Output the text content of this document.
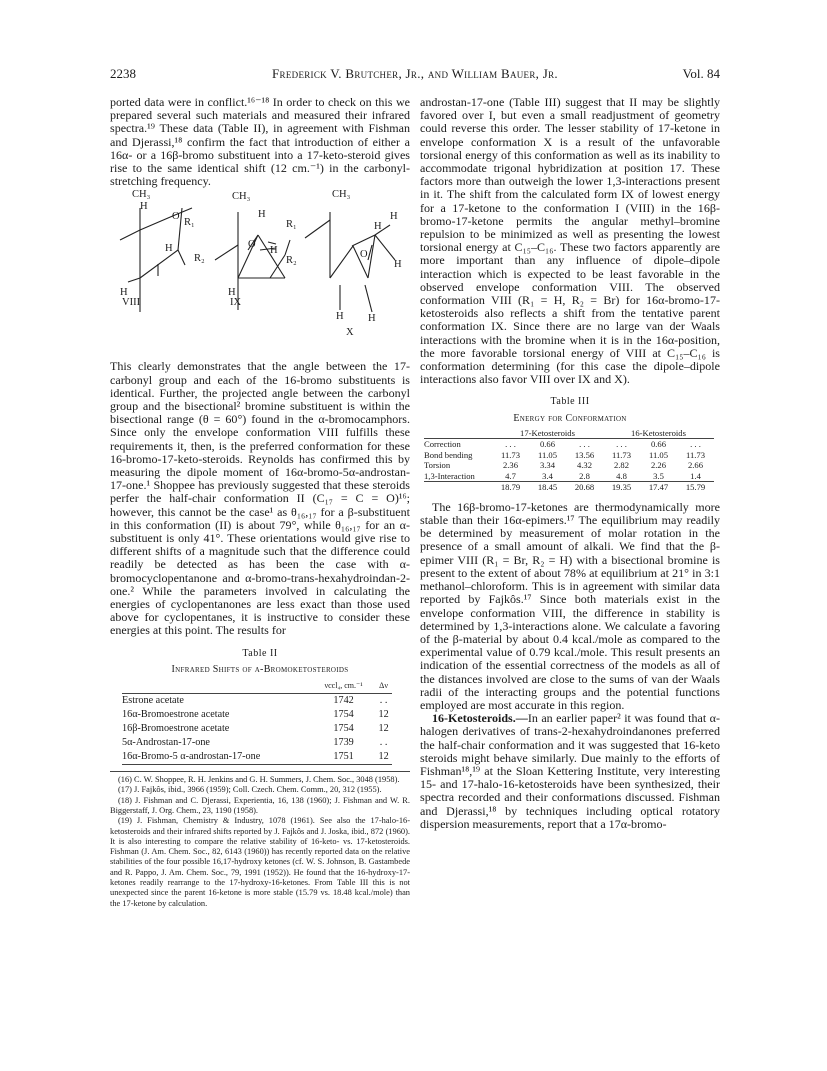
2238	Frederick V. Brutcher, Jr., and William Bauer, Jr.	Vol. 84

ported data were in conflict.¹⁶⁻¹⁸ In order to check on this we prepared several such materials and measured their infrared spectra.¹⁹ These data (Table II), in agreement with Fishman and Djerassi,¹⁸ confirm the fact that introduction of either a 16α- or a 16β-bromo substituent into a 17-keto-steroid gives rise to the same identical shift (12 cm.⁻¹) in the carbonyl-stretching frequency.

CH₃
H
O
R₁
H
R₂
H
VIII
CH₃
H
O
R₁
H
R₂
H
IX
CH₃
H
H
O
H
H H
X

This clearly demonstrates that the angle between the 17-carbonyl group and each of the 16-bromo substituents is identical. Further, the projected angle between the carbonyl group and the bisectional² bromine substituent is within the bisectional range (θ = 60°) found in the α-bromocamphors. Since only the envelope conformation VIII fulfills these requirements it, then, is the preferred conformation for these 16-bromo-17-keto-steroids. Reynolds has confirmed this by measuring the dipole moment of 16α-bromo-5α-androstan-17-one.¹ Shoppee has previously suggested that these steroids perfer the half-chair conformation II (C₁₇ = C = O)¹⁶; however, this cannot be the case¹ as θ₁₆,₁₇ for a β-substituent in this conformation (II) is about 79°, while θ₁₆,₁₇ for an α-substituent is only 41°. These orientations would give rise to different shifts of a magnitude such that the difference could readily be detected as has been the case with α-bromocyclopentanone and α-bromo-trans-hexahydroindan-2-one.² While the parameters involved in calculating the energies of cyclopentanones are less exact than those used above for cyclopentanes, it is instructive to consider these energies at this point. The results for

Table II
Infrared Shifts of α-Bromoketosteroids
	νccl₄, cm.⁻¹	Δν
Estrone acetate	1742	. .
16α-Bromoestrone acetate	1754	12
16β-Bromoestrone acetate	1754	12
5α-Androstan-17-one	1739	. .
16α-Bromo-5 α-androstan-17-one	1751	12

(16) C. W. Shoppee, R. H. Jenkins and G. H. Summers, J. Chem. Soc., 3048 (1958).

(17) J. Fajkôs, ibid., 3966 (1959); Coll. Czech. Chem. Comm., 20, 312 (1955).

(18) J. Fishman and C. Djerassi, Experientia, 16, 138 (1960); J. Fishman and W. R. Biggerstaff, J. Org. Chem., 23, 1190 (1958).

(19) J. Fishman, Chemistry & Industry, 1078 (1961). See also the 17-halo-16-ketosteroids and their infrared shifts reported by J. Fajkôs and J. Joska, ibid., 872 (1960). It is also interesting to compare the relative stability of 16-keto- vs. 17-ketosteroids. Fishman (J. Am. Chem. Soc., 82, 6143 (1960)) has recently reported data on the relative stabilities of the four possible 16,17-hydroxy ketones (cf. W. S. Johnson, B. Gastambede and R. Pappo, J. Am. Chem. Soc., 79, 1991 (1952)). He found that the 16-hydroxy-17-ketones readily rearrange to the 17-hydroxy-16-ketones. From Table III this is not unexpected since the parent 16-ketone is more stable (15.79 vs. 18.48 kcal./mole) than the 17-ketone by calculation.

androstan-17-one (Table III) suggest that II may be slightly favored over I, but even a small readjustment of geometry could reverse this order. The lesser stability of 17-ketone in envelope conformation X is a result of the unfavorable torsional energy of this conformation as well as its inability to accommodate trigonal hybridization at position 17. These factors more than outweigh the lower 1,3-interactions present in it. The shift from the calculated form IX of lowest energy for a 17-ketone to the conformation I (VIII) in the 16β-bromo-17-ketone permits the angular methyl–bromine repulsion to be minimized as well as presenting the lowest torsional energy at C₁₅–C₁₆. These two factors apparently are more important than any influence of dipole–dipole interaction which is expected to be least favorable in the observed envelope conformation VIII. The observed conformation VIII (R₁ = H, R₂ = Br) for 16α-bromo-17-ketosteroids also reflects a shift from the tentative parent conformation IX. Since there are no large van der Waals interactions with the bromine when it is in the 16α-position, the more favorable torsional energy of VIII at C₁₅–C₁₆ is conformation determining (for this case the dipole–dipole interactions also favor VIII over IX and X).

Table III
Energy for Conformation
	17-Ketosteroids			16-Ketosteroids		
Correction	. . .	0.66	. . .	. . .	0.66	. . .
Bond bending	11.73	11.05	13.56	11.73	11.05	11.73
Torsion	2.36	3.34	4.32	2.82	2.26	2.66
1,3-Interaction	4.7	3.4	2.8	4.8	3.5	1.4
	18.79	18.45	20.68	19.35	17.47	15.79

The 16β-bromo-17-ketones are thermodynamically more stable than their 16α-epimers.¹⁷ The equilibrium may readily be determined by measurement of molar rotation in the presence of a small amount of alkali. We find that the β-epimer VIII (R₁ = Br, R₂ = H) with a bisectional bromine is present to the extent of about 78% at equilibrium at 21° in 3:1 methanol–chloroform. This is in agreement with similar data reported by Fajkôs.¹⁷ Since both materials exist in the envelope conformation VIII, the difference in stability is determined by 1,3-interactions alone. We calculate a favoring of the β-material by about 0.4 kcal./mole as compared to the experimental value of 0.79 kcal./mole. This result presents an indication of the essential correctness of the models as all of the distances involved are close to the sums of van der Waals radii of the interacting groups and the potential functions employed are most accurate in this region.

16-Ketosteroids.—In an earlier paper² it was found that α-halogen derivatives of trans-2-hexahydroindanones preferred the half-chair conformation and it was suggested that 16-keto steroids might behave similarly. Due mainly to the efforts of Fishman¹⁸,¹⁹ at the Sloan Kettering Institute, very interesting 15- and 17-halo-16-ketosteroids have been synthesized, their spectra recorded and their conformations discussed. Fishman and Djerassi,¹⁸ by techniques including optical rotatory dispersion measurements, report that a 17α-bromo-
